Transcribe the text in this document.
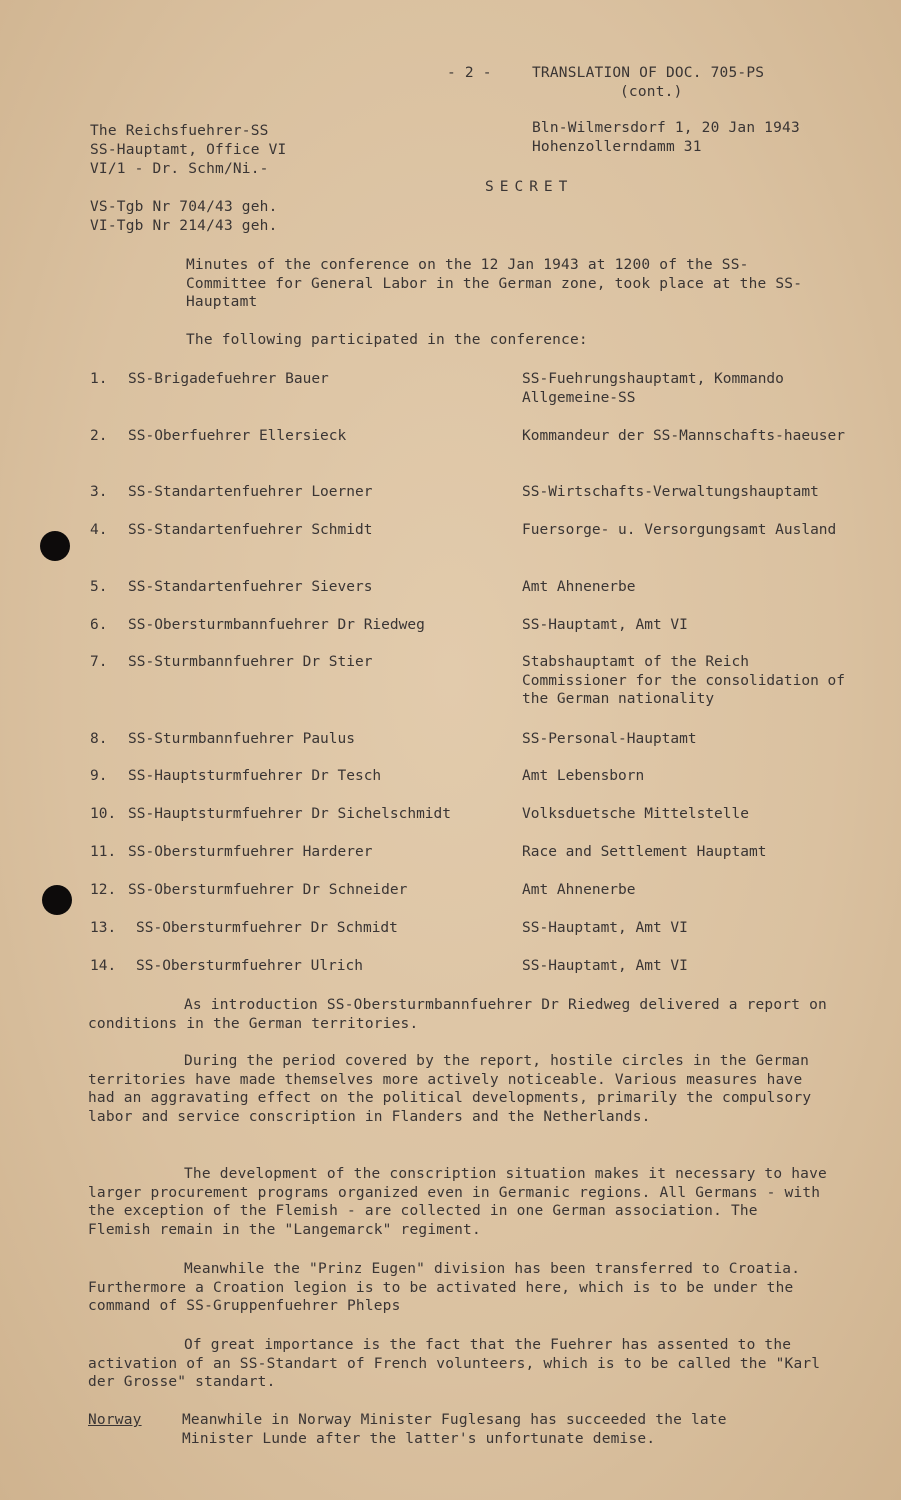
- 2 -	TRANSLATION OF DOC. 705-PS
(cont.)
The Reichsfuehrer-SS
SS-Hauptamt, Office VI
VI/1 - Dr. Schm/Ni.-
Bln-Wilmersdorf 1, 20 Jan 1943
Hohenzollerndamm 31
SECRET
VS-Tgb Nr 704/43 geh.
VI-Tgb Nr 214/43 geh.
Minutes of the conference on the 12 Jan 1943 at 1200 of the SS-Committee for General Labor in the German zone, took place at the SS-Hauptamt
The following participated in the conference:
1. SS-Brigadefuehrer Bauer	SS-Fuehrungshauptamt, Kommando Allgemeine-SS
2. SS-Oberfuehrer Ellersieck	Kommandeur der SS-Mannschafts-haeuser
3. SS-Standartenfuehrer Loerner	SS-Wirtschafts-Verwaltungshauptamt
4. SS-Standartenfuehrer Schmidt	Fuersorge- u. Versorgungsamt Ausland
5. SS-Standartenfuehrer Sievers	Amt Ahnenerbe
6. SS-Obersturmbannfuehrer Dr Riedweg	SS-Hauptamt, Amt VI
7. SS-Sturmbannfuehrer Dr Stier	Stabshauptamt of the Reich Commissioner for the consolidation of the German nationality
8. SS-Sturmbannfuehrer Paulus	SS-Personal-Hauptamt
9. SS-Hauptsturmfuehrer Dr Tesch	Amt Lebensborn
10. SS-Hauptsturmfuehrer Dr Sichelschmidt	Volksduetsche Mittelstelle
11. SS-Obersturmfuehrer Harderer	Race and Settlement Hauptamt
12. SS-Obersturmfuehrer Dr Schneider	Amt Ahnenerbe
13. SS-Obersturmfuehrer Dr Schmidt	SS-Hauptamt, Amt VI
14. SS-Obersturmfuehrer Ulrich	SS-Hauptamt, Amt VI
As introduction SS-Obersturmbannfuehrer Dr Riedweg delivered a report on conditions in the German territories.
During the period covered by the report, hostile circles in the German territories have made themselves more actively noticeable. Various measures have had an aggravating effect on the political developments, primarily the compulsory labor and service conscription in Flanders and the Netherlands.
The development of the conscription situation makes it necessary to have larger procurement programs organized even in Germanic regions. All Germans - with the exception of the Flemish - are collected in one German association. The Flemish remain in the "Langemarck" regiment.
Meanwhile the "Prinz Eugen" division has been transferred to Croatia. Furthermore a Croation legion is to be activated here, which is to be under the command of SS-Gruppenfuehrer Phleps
Of great importance is the fact that the Fuehrer has assented to the activation of an SS-Standart of French volunteers, which is to be called the "Karl der Grosse" standart.
Norway	Meanwhile in Norway Minister Fuglesang has succeeded the late Minister Lunde after the latter's unfortunate demise.
